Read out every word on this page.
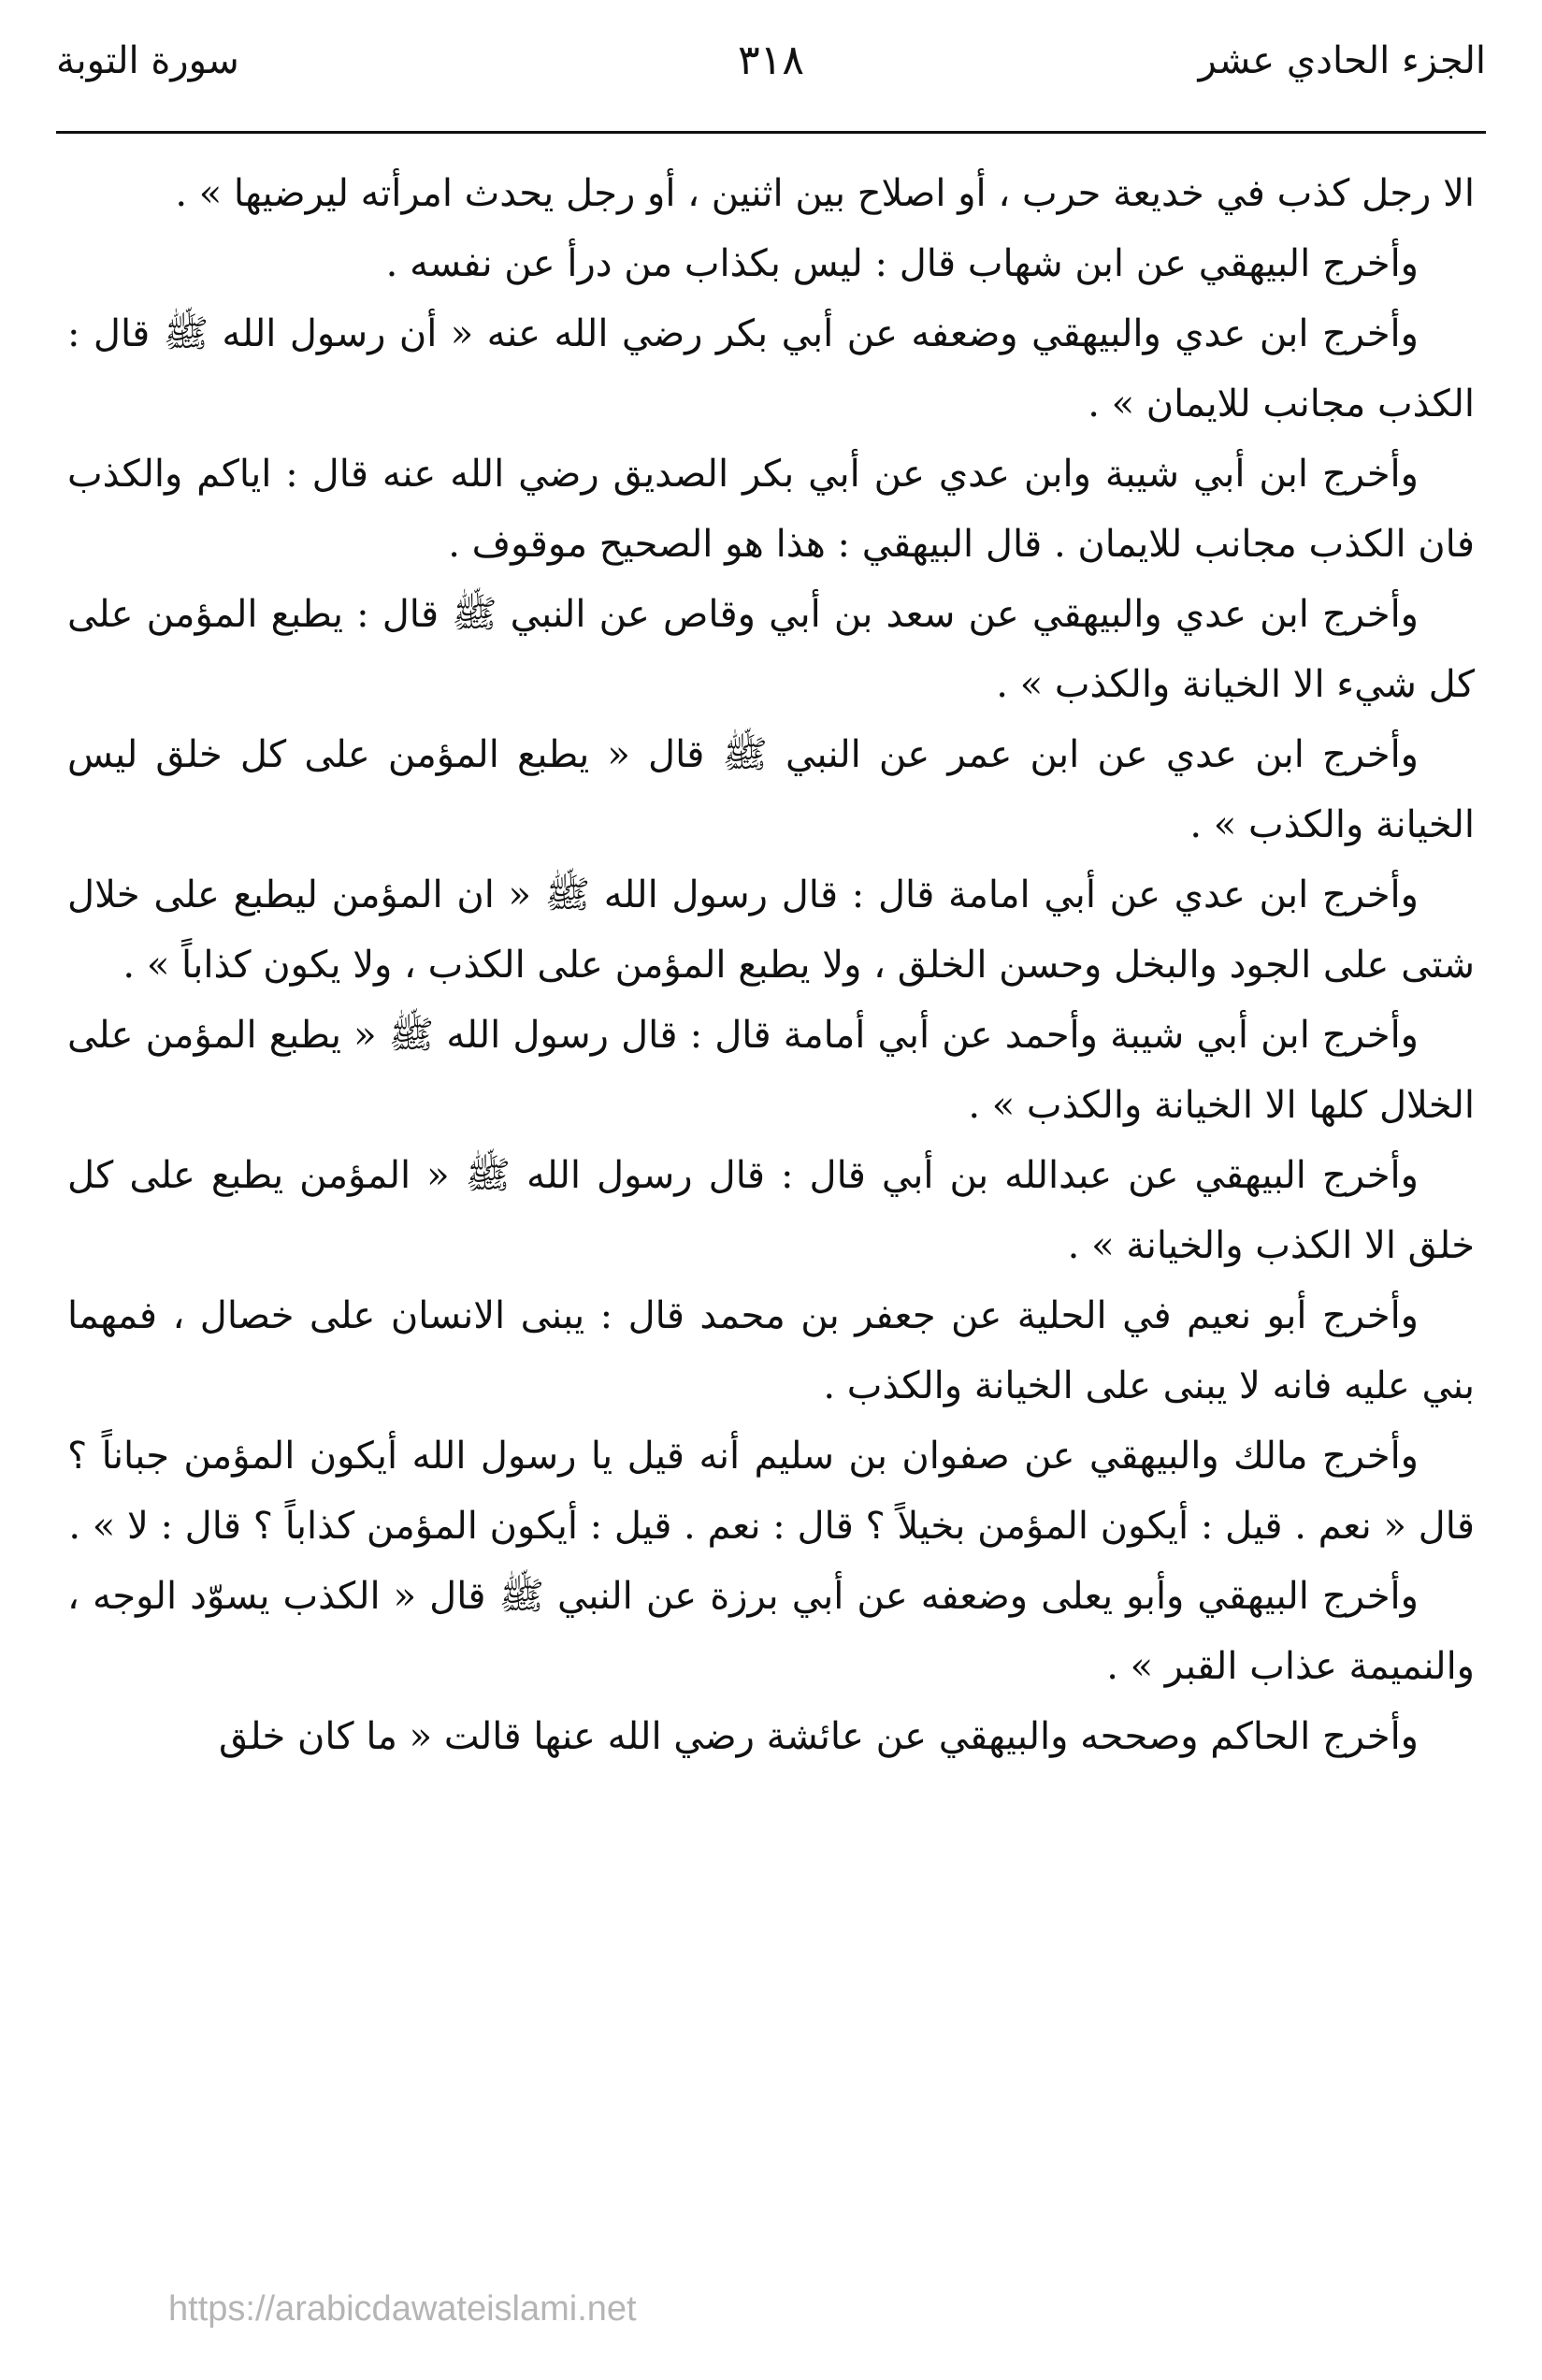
الجزء الحادي عشر
٣١٨
سورة التوبة

الا رجل كذب في خديعة حرب ، أو اصلاح بين اثنين ، أو رجل يحدث امرأته ليرضيها » .

وأخرج البيهقي عن ابن شهاب قال : ليس بكذاب من درأ عن نفسه .

وأخرج ابن عدي والبيهقي وضعفه عن أبي بكر رضي الله عنه « أن رسول الله ﷺ قال : الكذب مجانب للايمان » .

وأخرج ابن أبي شيبة وابن عدي عن أبي بكر الصديق رضي الله عنه قال : اياكم والكذب فان الكذب مجانب للايمان . قال البيهقي : هذا هو الصحيح موقوف .

وأخرج ابن عدي والبيهقي عن سعد بن أبي وقاص عن النبي ﷺ قال : يطبع المؤمن على كل شيء الا الخيانة والكذب » .

وأخرج ابن عدي عن ابن عمر عن النبي ﷺ قال « يطبع المؤمن على كل خلق ليس الخيانة والكذب » .

وأخرج ابن عدي عن أبي امامة قال : قال رسول الله ﷺ « ان المؤمن ليطبع على خلال شتى على الجود والبخل وحسن الخلق ، ولا يطبع المؤمن على الكذب ، ولا يكون كذاباً » .

وأخرج ابن أبي شيبة وأحمد عن أبي أمامة قال : قال رسول الله ﷺ « يطبع المؤمن على الخلال كلها الا الخيانة والكذب » .

وأخرج البيهقي عن عبدالله بن أبي قال : قال رسول الله ﷺ « المؤمن يطبع على كل خلق الا الكذب والخيانة » .

وأخرج أبو نعيم في الحلية عن جعفر بن محمد قال : يبنى الانسان على خصال ، فمهما بني عليه فانه لا يبنى على الخيانة والكذب .

وأخرج مالك والبيهقي عن صفوان بن سليم أنه قيل يا رسول الله أيكون المؤمن جباناً ؟ قال « نعم . قيل : أيكون المؤمن بخيلاً ؟ قال : نعم . قيل : أيكون المؤمن كذاباً ؟ قال : لا » .

وأخرج البيهقي وأبو يعلى وضعفه عن أبي برزة عن النبي ﷺ قال « الكذب يسوّد الوجه ، والنميمة عذاب القبر » .

وأخرج الحاكم وصححه والبيهقي عن عائشة رضي الله عنها قالت « ما كان خلق

https://arabicdawateislami.net
